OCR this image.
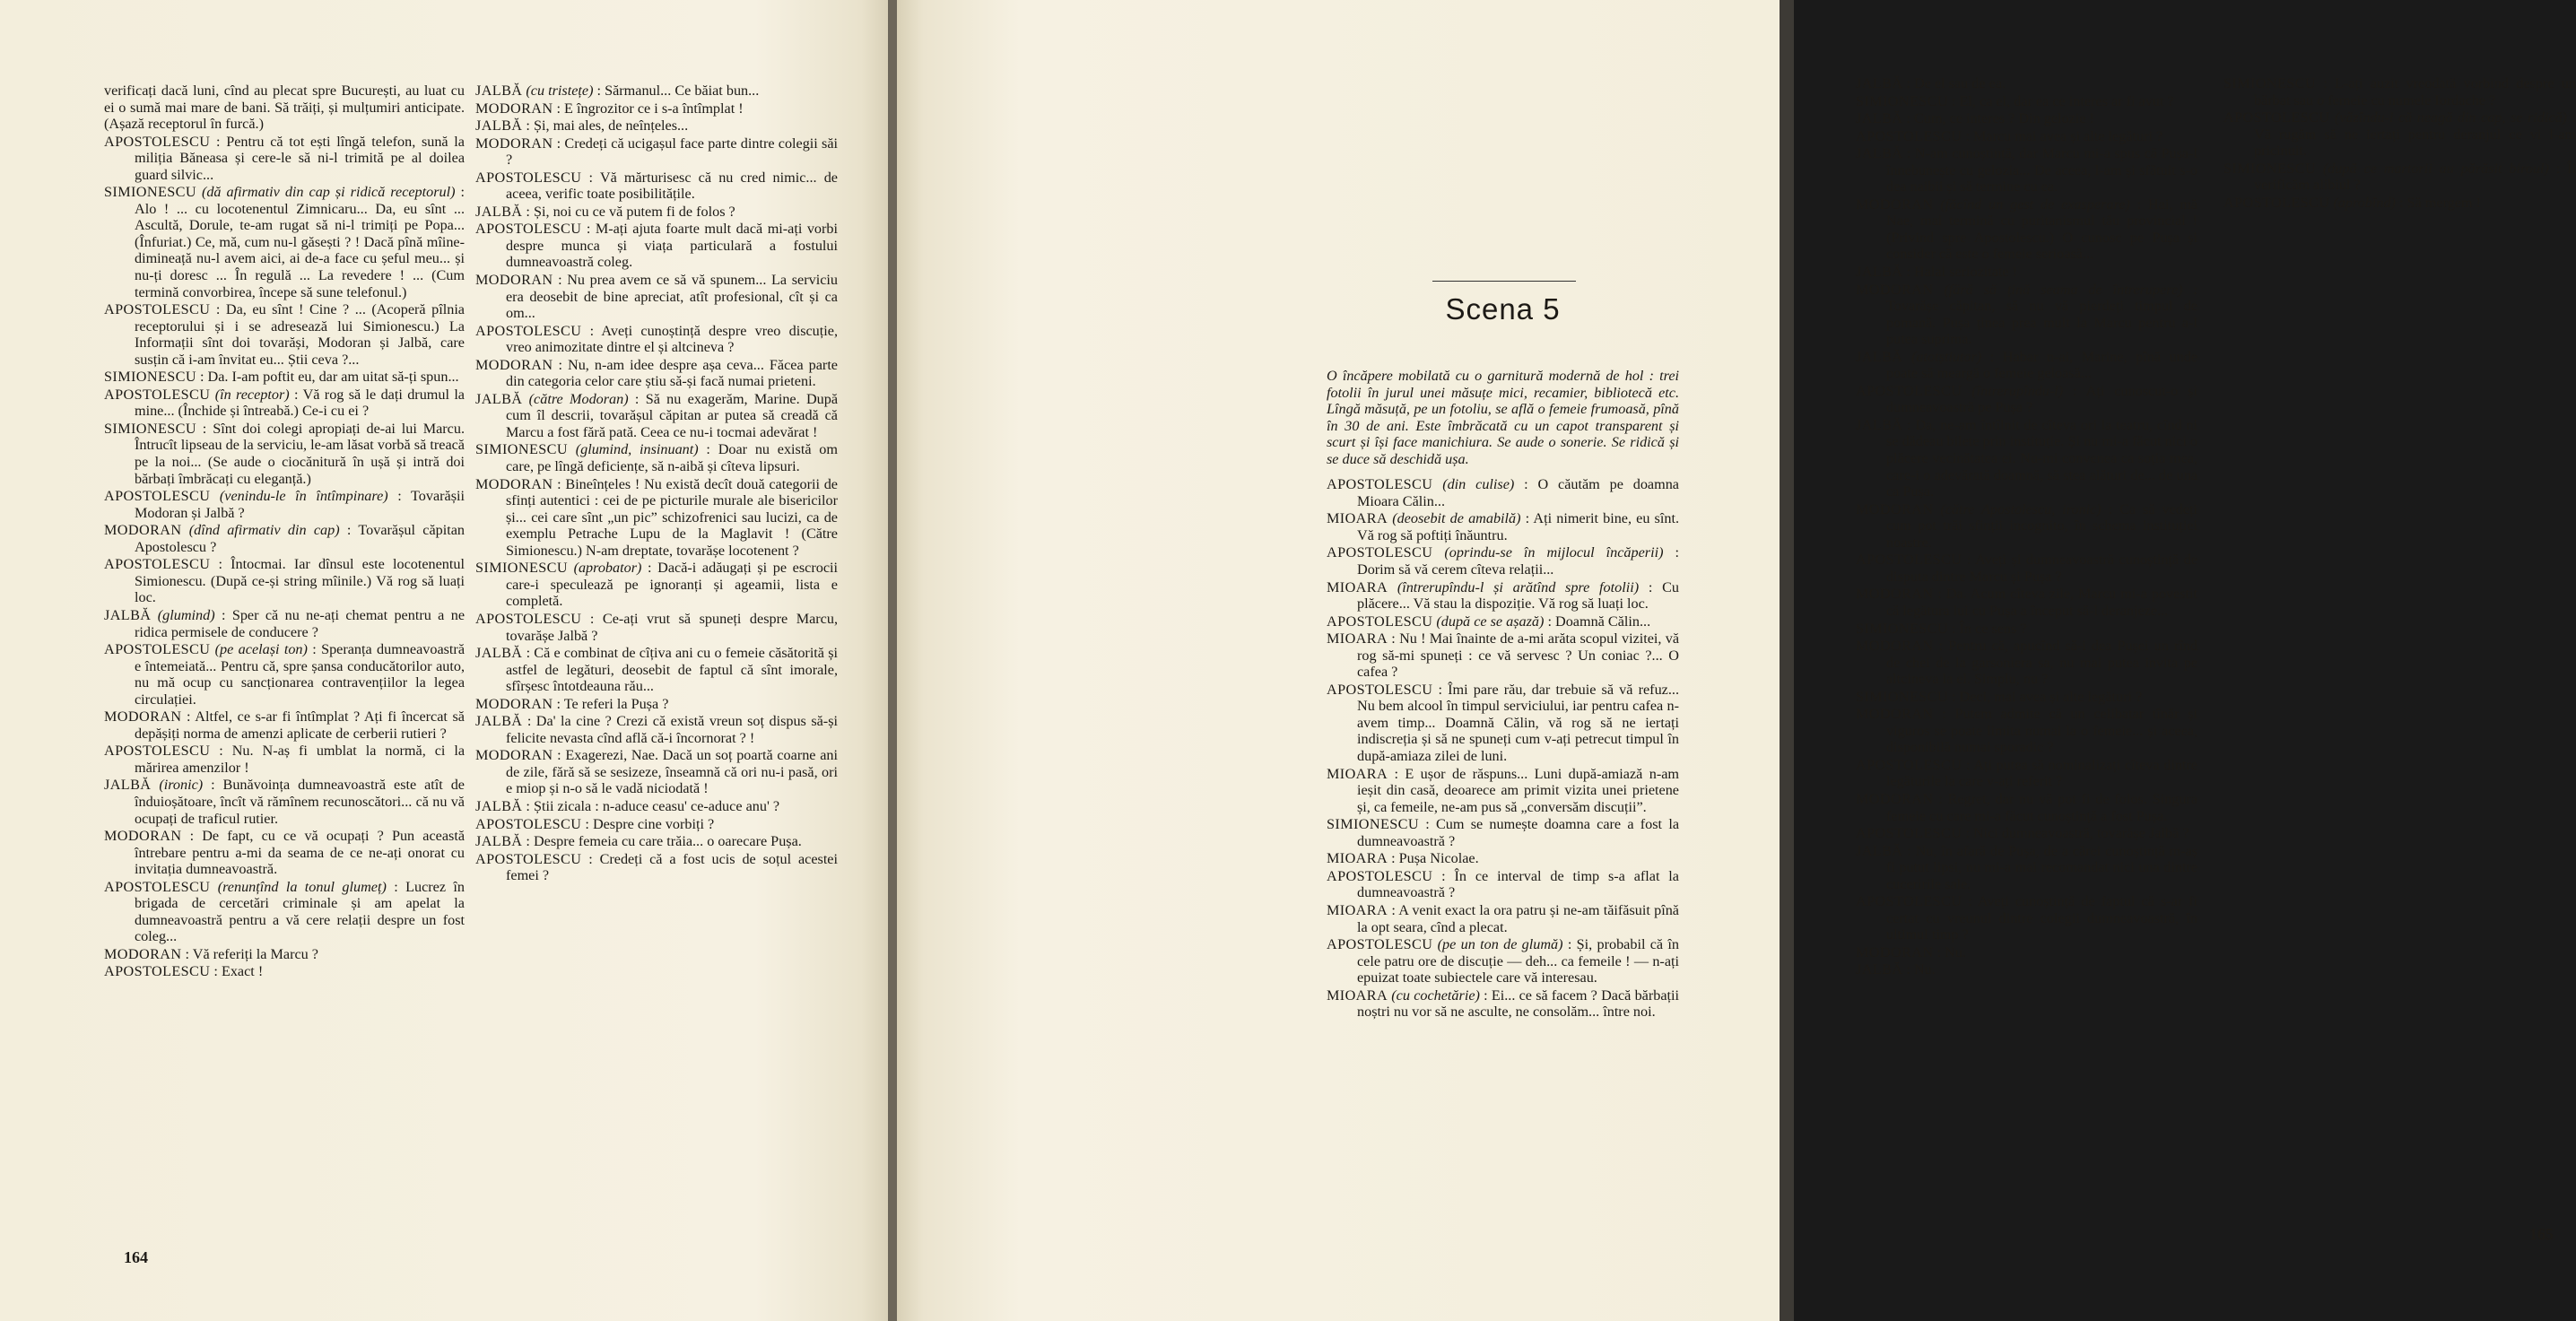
verificați dacă luni, cînd au plecat spre București, au luat cu ei o sumă mai mare de bani. Să trăiți, și mulțumiri anticipate. (Așază receptorul în furcă.)

APOSTOLESCU : Pentru că tot ești lîngă telefon, sună la miliția Băneasa și cere-le să ni-l trimită pe al doilea guard silvic...

SIMIONESCU (dă afirmativ din cap și ridică receptorul) : Alo ! ... cu locotenentul Zimnicaru... Da, eu sînt ... Ascultă, Dorule, te-am rugat să ni-l trimiți pe Popa... (Înfuriat.) Ce, mă, cum nu-l găsești ? ! Dacă pînă mîine-dimineață nu-l avem aici, ai de-a face cu șeful meu... și nu-ți doresc ... În regulă ... La revedere ! ... (Cum termină convorbirea, începe să sune telefonul.)

APOSTOLESCU : Da, eu sînt ! Cine ? ... (Acoperă pîlnia receptorului și i se adresează lui Simionescu.) La Informații sînt doi tovarăși, Modoran și Jalbă, care susțin că i-am învitat eu... Știi ceva ?...

SIMIONESCU : Da. I-am poftit eu, dar am uitat să-ți spun...

APOSTOLESCU (în receptor) : Vă rog să le dați drumul la mine... (Închide și întreabă.) Ce-i cu ei ?

SIMIONESCU : Sînt doi colegi apropiați de-ai lui Marcu. Întrucît lipseau de la serviciu, le-am lăsat vorbă să treacă pe la noi... (Se aude o ciocănitură în ușă și intră doi bărbați îmbrăcați cu eleganță.)

APOSTOLESCU (venindu-le în întîmpinare) : Tovarășii Modoran și Jalbă ?

MODORAN (dînd afirmativ din cap) : Tovarășul căpitan Apostolescu ?

APOSTOLESCU : Întocmai. Iar dînsul este locotenentul Simionescu. (După ce-și string mîinile.) Vă rog să luați loc.

JALBĂ (glumind) : Sper că nu ne-ați chemat pentru a ne ridica permisele de conducere ?

APOSTOLESCU (pe același ton) : Speranța dumneavoastră e întemeiată... Pentru că, spre șansa conducătorilor auto, nu mă ocup cu sancționarea contravențiilor la legea circulației.

MODORAN : Altfel, ce s-ar fi întîmplat ? Ați fi încercat să depășiți norma de amenzi aplicate de cerberii rutieri ?

APOSTOLESCU : Nu. N-aș fi umblat la normă, ci la mărirea amenzilor !

JALBĂ (ironic) : Bunăvoința dumneavoastră este atît de înduioșătoare, încît vă rămînem recunoscători... că nu vă ocupați de traficul rutier.

MODORAN : De fapt, cu ce vă ocupați ? Pun această întrebare pentru a-mi da seama de ce ne-ați onorat cu invitația dumneavoastră.

APOSTOLESCU (renunțînd la tonul glumeț) : Lucrez în brigada de cercetări criminale și am apelat la dumneavoastră pentru a vă cere relații despre un fost coleg...

MODORAN : Vă referiți la Marcu ?

APOSTOLESCU : Exact !

JALBĂ (cu tristețe) : Sărmanul... Ce băiat bun...

MODORAN : E îngrozitor ce i s-a întîmplat !

JALBĂ : Și, mai ales, de neînțeles...

MODORAN : Credeți că ucigașul face parte dintre colegii săi ?

APOSTOLESCU : Vă mărturisesc că nu cred nimic... de aceea, verific toate posibilitățile.

JALBĂ : Și, noi cu ce vă putem fi de folos ?

APOSTOLESCU : M-ați ajuta foarte mult dacă mi-ați vorbi despre munca și viața particulară a fostului dumneavoastră coleg.

MODORAN : Nu prea avem ce să vă spunem... La serviciu era deosebit de bine apreciat, atît profesional, cît și ca om...

APOSTOLESCU : Aveți cunoștință despre vreo discuție, vreo animozitate dintre el și altcineva ?

MODORAN : Nu, n-am idee despre așa ceva... Făcea parte din categoria celor care știu să-și facă numai prieteni.

JALBĂ (către Modoran) : Să nu exagerăm, Marine. După cum îl descrii, tovarășul căpitan ar putea să creadă că Marcu a fost fără pată. Ceea ce nu-i tocmai adevărat !

SIMIONESCU (glumind, insinuant) : Doar nu există om care, pe lîngă deficiențe, să n-aibă și cîteva lipsuri.

MODORAN : Bineînțeles ! Nu există decît două categorii de sfinți autentici : cei de pe picturile murale ale bisericilor și... cei care sînt „un pic” schizofrenici sau lucizi, ca de exemplu Petrache Lupu de la Maglavit ! (Către Simionescu.) N-am dreptate, tovarășe locotenent ?

SIMIONESCU (aprobator) : Dacă-i adăugați și pe escrocii care-i speculează pe ignoranți și ageamii, lista e completă.

APOSTOLESCU : Ce-ați vrut să spuneți despre Marcu, tovarășe Jalbă ?

JALBĂ : Că e combinat de cîțiva ani cu o femeie căsătorită și astfel de legături, deosebit de faptul că sînt imorale, sfîrșesc întotdeauna rău...

MODORAN : Te referi la Pușa ?

JALBĂ : Da' la cine ? Crezi că există vreun soț dispus să-și felicite nevasta cînd află că-i încornorat ? !

MODORAN : Exagerezi, Nae. Dacă un soț poartă coarne ani de zile, fără să se sesizeze, înseamnă că ori nu-i pasă, ori e miop și n-o să le vadă niciodată !

JALBĂ : Știi zicala : n-aduce ceasu' ce-aduce anu' ?

APOSTOLESCU : Despre cine vorbiți ?

JALBĂ : Despre femeia cu care trăia... o oarecare Pușa.

APOSTOLESCU : Credeți că a fost ucis de soțul acestei femei ?

164

JALBĂ : De el sau de ea.

SIMIONESCU : El, ca el, dar ea ce interes ar fi avut ?

JALBĂ : Cum, ce interes ? Din gelozie !

APOSTOLESCU : Marcu mai avea și alte legături ?

JALBĂ : N-am cunoștință, dar Marcu mi-a spus că Pușa-l înnebunește cu gelozia... De aceea, l-am și sfătuit s-o dea naibii și să termine cu ea.

MODORAN (făcînd un gest de exasperare) : Hai, mă Nae, mai termină cu puritanismul tău provincial ! (Privind spre Apostolescu.) O cunosc pe Pușa și consider că este o femeie serioasă...

JALBĂ : Halal seriozitate !

MODORAN (fără să țină seama de întrerupere) : Tovarășe căpitan, să nu vă pierdeți timpul de pomană. Pușa ținea prea mult la Marcu pentru a-l putea suprima.

JALBĂ (atotștiutor) : Habar n-ai, Marine, pînă unde poate să meargă o femeie geloasă...

APOSTOLESCU (întrerupîndu-l) : Ați cunoscut-o și dumneavoastră pe Pușa ?

JALBĂ : Da, ne-am întîlnit de cîteva ori la teatru, cînd ni se dădeau bilete prin instituție. Și nu mi-a făcut nici o plăcere vecinătatea ei. Nu-mi convenea ca soția mea, care-i o adevărată doamnă, să stea alături de... de una ca Pușa.

MODORAN (către Apostolescu, ironic) : Ca să vedeți cum pot trăi sfinții incognito, în schema instituției noastre.

APOSTOLESCU : Aveți și dumneavoastră cunoștință de disputa dintre Marcu și Pușa ?

MODORAN : Da. Acum cîteva zile, Marcu mi-a povestit că legătura lui cu Pușa a început să-l deranjeze...

SIMIONESCU : În ce sens ?

MODORAN : Pentru că, apucînd să-i dea Pușei un rînd de chei de la garsoniera sa, nu mai putea invita pe altcineva la el. Simplu, nu ?

SIMIONESCU : Deci, mai avea și alte legături ?

MODORAN : Putem admite că un celibatar tînăr și viguros se poate limita numai la o femeie... și aceea, disponibilă numai sporadic ?

APOSTOLESCU : Ați putea să nominalizați cîteva dintre legăturile la care v-ați referit ?

MODORAN : Regret, dar nu vă pot fi de folos. Singura femeie cu care mi-a făcut cunoștință a fost Pușa.

APOSTOLESCU : Nici dumneavoastră, tovarășe Jalbă ?

JALBĂ : Nu, în afară de Pușa, de a cărei cunoștință m-aș fi putut lipsi, nu mi-a mai recomandat nici una dintre cuceririle sale.

APOSTOLESCU : Aveți cunoștință de faptul că s-ar fi certat cu vreunul dintre colegii dumneavoastră, în ultimul timp ?

MODORAN : Nu.

JALBĂ : Nu.

SIMIONESCU : L-ați auzit vreodată vorbind despre un bărbat sau o femeie cu numele Iordache ?

APOSTOLESCU (văzîndu-i că neagă din cap, se ridică) : Vă rugăm să ne iertați pentru deranjul ce vi l-am pricinuit.

SIMIONESCU (după ce martorii au părăsit biroul) : Îi verificăm alibiul ?

APOSTOLESCU (aprobînd) : Să mergem !

165
Scena 5

O încăpere mobilată cu o garnitură modernă de hol : trei fotolii în jurul unei măsuțe mici, recamier, bibliotecă etc. Lîngă măsuță, pe un fotoliu, se află o femeie frumoasă, pînă în 30 de ani. Este îmbrăcată cu un capot transparent și scurt și își face manichiura. Se aude o sonerie. Se ridică și se duce să deschidă ușa.

APOSTOLESCU (din culise) : O căutăm pe doamna Mioara Călin...

MIOARA (deosebit de amabilă) : Ați nimerit bine, eu sînt. Vă rog să poftiți înăuntru.

APOSTOLESCU (oprindu-se în mijlocul încăperii) : Dorim să vă cerem cîteva relații...

MIOARA (întrerupîndu-l și arătînd spre fotolii) : Cu plăcere... Vă stau la dispoziție. Vă rog să luați loc.

APOSTOLESCU (după ce se așază) : Doamnă Călin...

MIOARA : Nu ! Mai înainte de a-mi arăta scopul vizitei, vă rog să-mi spuneți : ce vă servesc ? Un coniac ?... O cafea ?

APOSTOLESCU : Îmi pare rău, dar trebuie să vă refuz... Nu bem alcool în timpul serviciului, iar pentru cafea n-avem timp... Doamnă Călin, vă rog să ne iertați indiscreția și să ne spuneți cum v-ați petrecut timpul în după-amiaza zilei de luni.

MIOARA : E ușor de răspuns... Luni după-amiază n-am ieșit din casă, deoarece am primit vizita unei prietene și, ca femeile, ne-am pus să „conversăm discuții”.

SIMIONESCU : Cum se numește doamna care a fost la dumneavoastră ?

MIOARA : Pușa Nicolae.

APOSTOLESCU : În ce interval de timp s-a aflat la dumneavoastră ?

MIOARA : A venit exact la ora patru și ne-am tăifăsuit pînă la opt seara, cînd a plecat.

APOSTOLESCU (pe un ton de glumă) : Și, probabil că în cele patru ore de discuție — deh... ca femeile ! — n-ați epuizat toate subiectele care vă interesau.

MIOARA (cu cochetărie) : Ei... ce să facem ? Dacă bărbații noștri nu vor să ne asculte, ne consolăm... între noi.
